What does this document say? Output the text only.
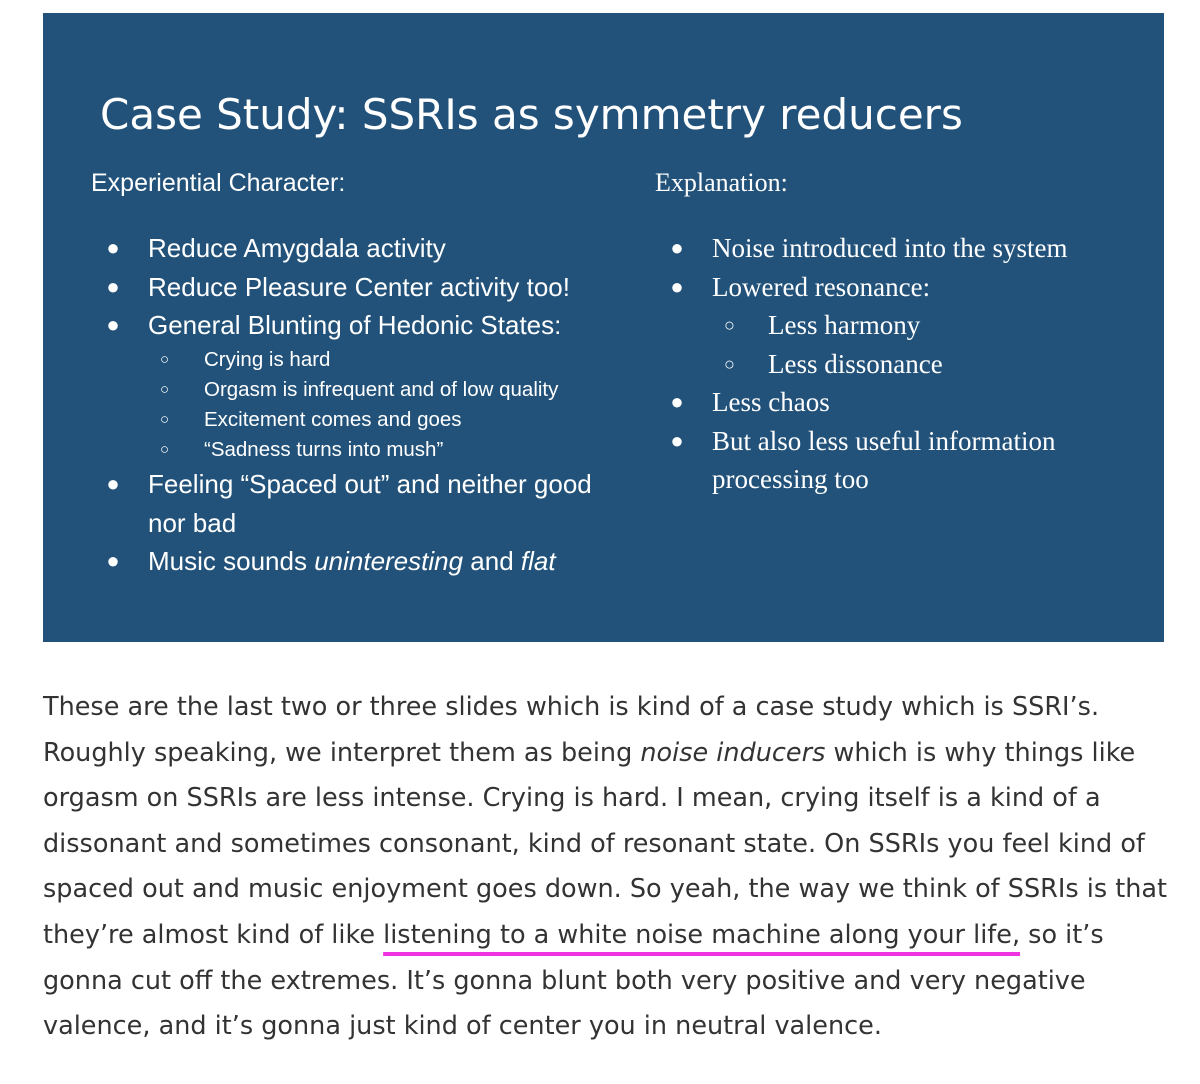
Case Study: SSRIs as symmetry reducers
Experiential Character:	Explanation:
● Reduce Amygdala activity
● Reduce Pleasure Center activity too!
● General Blunting of Hedonic States:
○ Crying is hard
○ Orgasm is infrequent and of low quality
○ Excitement comes and goes
○ “Sadness turns into mush”
● Feeling “Spaced out” and neither good nor bad
● Music sounds uninteresting and flat
● Noise introduced into the system
● Lowered resonance:
○ Less harmony
○ Less dissonance
● Less chaos
● But also less useful information processing too

These are the last two or three slides which is kind of a case study which is SSRI’s. Roughly speaking, we interpret them as being noise inducers which is why things like orgasm on SSRIs are less intense. Crying is hard. I mean, crying itself is a kind of a dissonant and sometimes consonant, kind of resonant state. On SSRIs you feel kind of spaced out and music enjoyment goes down. So yeah, the way we think of SSRIs is that they’re almost kind of like listening to a white noise machine along your life, so it’s gonna cut off the extremes. It’s gonna blunt both very positive and very negative valence, and it’s gonna just kind of center you in neutral valence.
